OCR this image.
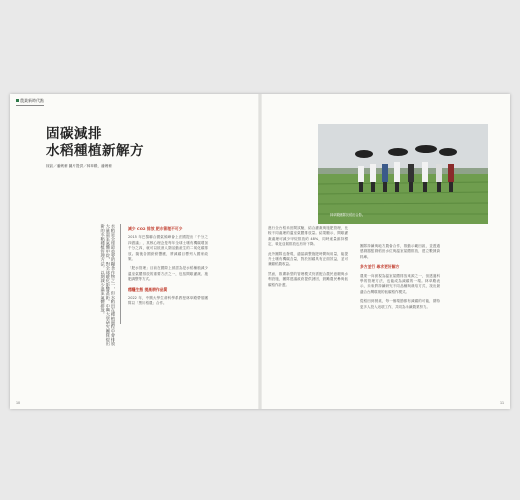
農業新時代點
固碳減排
水稻種植新解方
採訪／潘俐蓁 圖片提供／林草殿、潘俐蓁
林草殿團隊於稻田合影。
水稻是全球最重要的糧食作物之一，但水稻田在種植過程中會排放大量溫室氣體甲烷，對全球暖化影響甚鉅。中興大學研究團隊提出新的水稻種植管理方法，以期減少溫室氣體排放。	減少 CO2 排放 肥水管理不可少

2015 年巴黎聯合國氣候峰會上法國提出「千分之四倡議」，其核心理念是每年全球土壤有機碳增加千分之四，就可以抵消人類活動產生的二氧化碳排放。隨後各國紛紛響應，將減碳目標列入國家政策。

「肥水管理」目前在國際上被認為是水稻種植減少溫室氣體排放的重要方法之一，包括間歇灌溉、施肥調整等方式。

穩糧生態 提高耕作品質

2022 年，中興大學生命科學系教授林草殿帶領團隊以「黑川稻農」合作。

進行全台稻米田間試驗，結合灌溉與施肥管理，比較不同處理的溫室氣體排放量。結果顯示，間歇灌溉處理可減少甲烷排放約 48%，同時產量維持穩定，氧化亞氮排放也有所下降。

此外團隊也發現，適當調整施肥時間與用量，能提升土壤有機碳含量，對於固碳具有正面效益，並可兼顧稻農收益。

然而，推廣新型的管理模式仍需配合農民意願與水利設施，團隊建議政府提供誘因，鼓勵農民參與低碳稻作計畫。

團隊持續與地方農會合作，推動示範田區，並透過感測器監測稻田水位與溫室氣體排放，建立數據資料庫。

多方並行 尋求更好解方

農業一向被視為溫室氣體排放來源之一，但透過科學的管理方法，也能成為減碳的一環。林草殿表示，未來將持續研究不同品種與栽培方式，找出最適合台灣環境的低碳稻作模式。

從稻田到餐桌，每一個環節都有減碳的可能，期待更多人投入這項工作，共同為永續農業努力。

10	11
